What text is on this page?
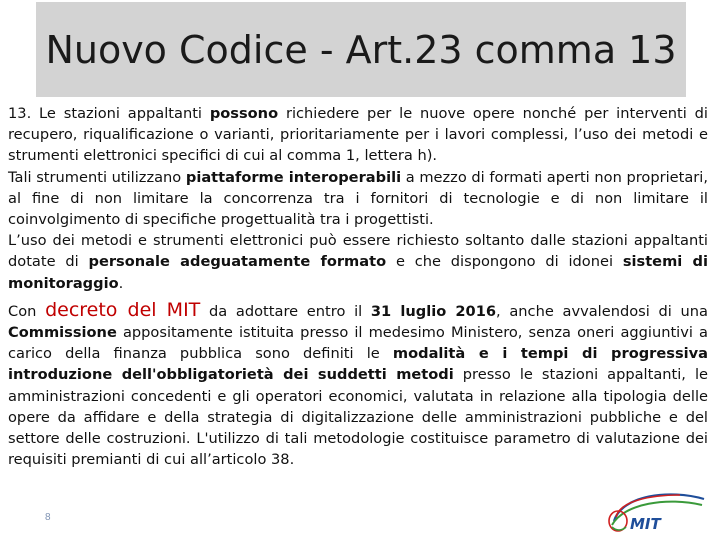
Nuovo Codice - Art.23 comma 13

13. Le stazioni appaltanti possono richiedere per le nuove opere nonché per interventi di recupero, riqualificazione o varianti, prioritariamente per i lavori complessi, l’uso dei metodi e strumenti elettronici specifici di cui al comma 1, lettera h).

Tali strumenti utilizzano piattaforme interoperabili a mezzo di formati aperti non proprietari, al fine di non limitare la concorrenza tra i fornitori di tecnologie e di non limitare il coinvolgimento di specifiche progettualità tra i progettisti.

L’uso dei metodi e strumenti elettronici può essere richiesto soltanto dalle stazioni appaltanti dotate di personale adeguatamente formato e che dispongono di idonei sistemi di monitoraggio.

Con decreto del MIT da adottare entro il 31 luglio 2016, anche avvalendosi di una Commissione appositamente istituita presso il medesimo Ministero, senza oneri aggiuntivi a carico della finanza pubblica sono definiti le modalità e i tempi di progressiva introduzione dell'obbligatorietà dei suddetti metodi presso le stazioni appaltanti, le amministrazioni concedenti e gli operatori economici, valutata in relazione alla tipologia delle opere da affidare e della strategia di digitalizzazione delle amministrazioni pubbliche e del settore delle costruzioni. L'utilizzo di tali metodologie costituisce parametro di valutazione dei requisiti premianti di cui all’articolo 38.

8	MIT
